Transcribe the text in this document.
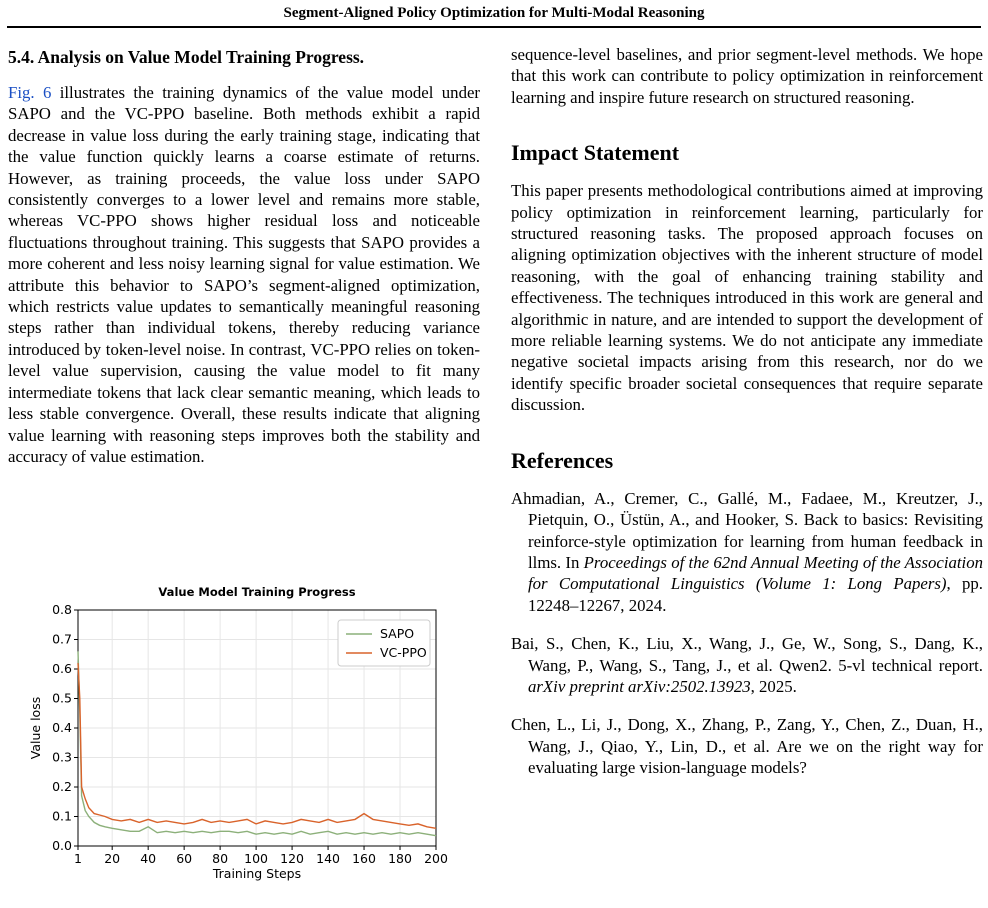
Segment-Aligned Policy Optimization for Multi-Modal Reasoning
5.4. Analysis on Value Model Training Progress.

Fig. 6 illustrates the training dynamics of the value model under SAPO and the VC-PPO baseline. Both methods exhibit a rapid decrease in value loss during the early training stage, indicating that the value function quickly learns a coarse estimate of returns. However, as training proceeds, the value loss under SAPO consistently converges to a lower level and remains more stable, whereas VC-PPO shows higher residual loss and noticeable fluctuations throughout training. This suggests that SAPO provides a more coherent and less noisy learning signal for value estimation. We attribute this behavior to SAPO’s segment-aligned optimization, which restricts value updates to semantically meaningful reasoning steps rather than individual tokens, thereby reducing variance introduced by token-level noise. In contrast, VC-PPO relies on token-level value supervision, causing the value model to fit many intermediate tokens that lack clear semantic meaning, which leads to less stable convergence. Overall, these results indicate that aligning value learning with reasoning steps improves both the stability and accuracy of value estimation.

Value Model Training Progress
0.0
0.1
0.2
0.3
0.4
0.5
0.6
0.7
0.8
1 20 40 60 80 100 120 140 160 180 200
Training Steps
Value loss
SAPO
VC-PPO

sequence-level baselines, and prior segment-level methods. We hope that this work can contribute to policy optimization in reinforcement learning and inspire future research on structured reasoning.

Impact Statement

This paper presents methodological contributions aimed at improving policy optimization in reinforcement learning, particularly for structured reasoning tasks. The proposed approach focuses on aligning optimization objectives with the inherent structure of model reasoning, with the goal of enhancing training stability and effectiveness. The techniques introduced in this work are general and algorithmic in nature, and are intended to support the development of more reliable learning systems. We do not anticipate any immediate negative societal impacts arising from this research, nor do we identify specific broader societal consequences that require separate discussion.

References

Ahmadian, A., Cremer, C., Gallé, M., Fadaee, M., Kreutzer, J., Pietquin, O., Üstün, A., and Hooker, S. Back to basics: Revisiting reinforce-style optimization for learning from human feedback in llms. In Proceedings of the 62nd Annual Meeting of the Association for Computational Linguistics (Volume 1: Long Papers), pp. 12248–12267, 2024.

Bai, S., Chen, K., Liu, X., Wang, J., Ge, W., Song, S., Dang, K., Wang, P., Wang, S., Tang, J., et al. Qwen2. 5-vl technical report. arXiv preprint arXiv:2502.13923, 2025.

Chen, L., Li, J., Dong, X., Zhang, P., Zang, Y., Chen, Z., Duan, H., Wang, J., Qiao, Y., Lin, D., et al. Are we on the right way for evaluating large vision-language models?
